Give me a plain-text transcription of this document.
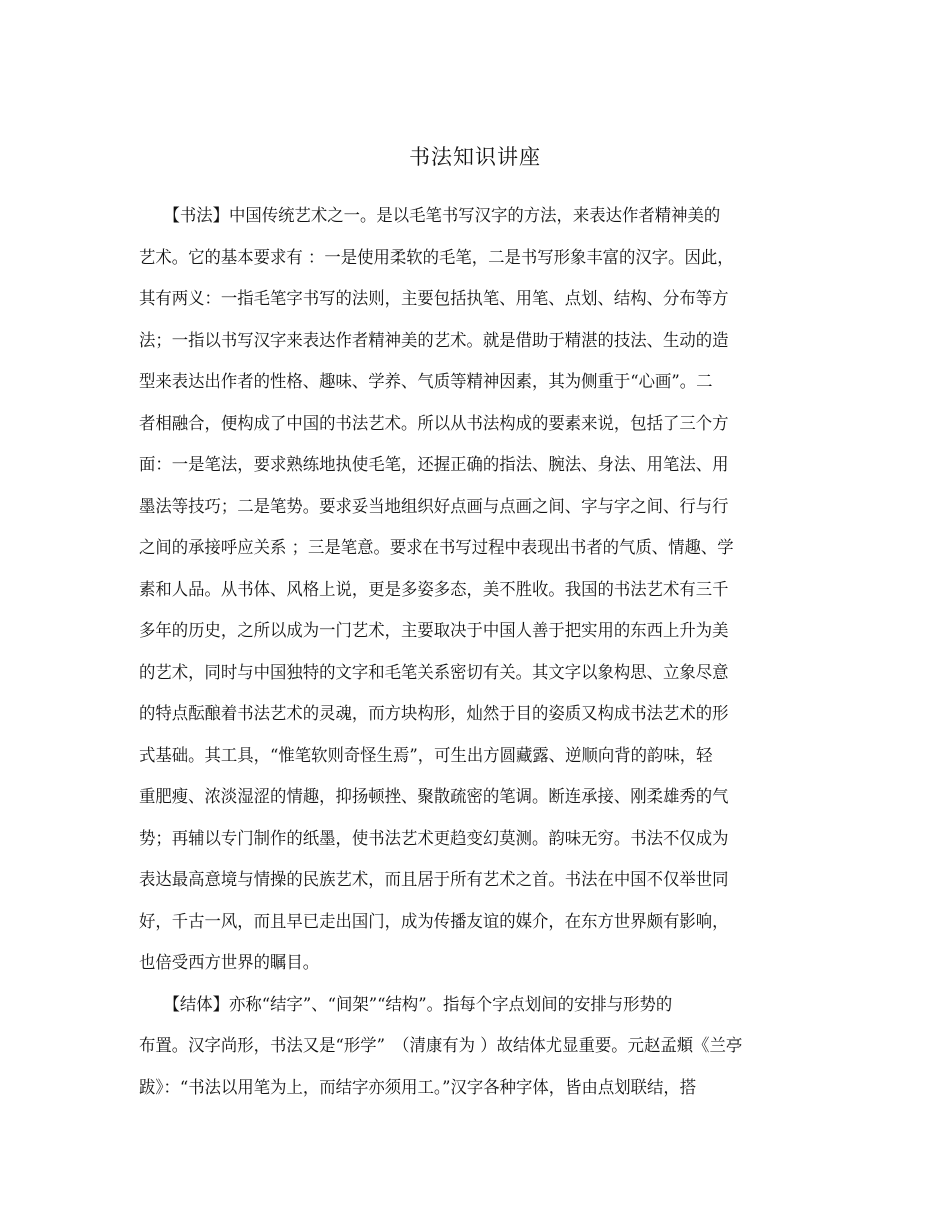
书法知识讲座
　　【书法】中国传统艺术之一。是以毛笔书写汉字的方法，来表达作者精神美的
艺术。它的基本要求有 ：一是使用柔软的毛笔，二是书写形象丰富的汉字。因此，
其有两义：一指毛笔字书写的法则，主要包括执笔、用笔、点划、结构、分布等方
法；一指以书写汉字来表达作者精神美的艺术。就是借助于精湛的技法、生动的造
型来表达出作者的性格、趣味、学养、气质等精神因素，其为侧重于“心画”。二
者相融合，便构成了中国的书法艺术。所以从书法构成的要素来说，包括了三个方
面：一是笔法，要求熟练地执使毛笔，还握正确的指法、腕法、身法、用笔法、用
墨法等技巧；二是笔势。要求妥当地组织好点画与点画之间、字与字之间、行与行
之间的承接呼应关系 ；三是笔意。要求在书写过程中表现出书者的气质、情趣、学
素和人品。从书体、风格上说，更是多姿多态，美不胜收。我国的书法艺术有三千
多年的历史，之所以成为一门艺术，主要取决于中国人善于把实用的东西上升为美
的艺术，同时与中国独特的文字和毛笔关系密切有关。其文字以象构思、立象尽意
的特点酝酿着书法艺术的灵魂，而方块构形，灿然于目的姿质又构成书法艺术的形
式基础。其工具，“惟笔软则奇怪生焉”，可生出方圆藏露、逆顺向背的韵味，轻
重肥瘦、浓淡湿涩的情趣，抑扬顿挫、聚散疏密的笔调。断连承接、刚柔雄秀的气
势；再辅以专门制作的纸墨，使书法艺术更趋变幻莫测。韵味无穷。书法不仅成为
表达最高意境与情操的民族艺术，而且居于所有艺术之首。书法在中国不仅举世同
好，千古一风，而且早已走出国门，成为传播友谊的媒介，在东方世界颇有影响，
也倍受西方世界的瞩目。
　　【结体】亦称“结字”、“间架”“结构”。指每个字点划间的安排与形势的
布置。汉字尚形，书法又是“形学”　（清康有为 ）故结体尤显重要。元赵孟頫《兰亭
跋》：“书法以用笔为上，而结字亦须用工。”汉字各种字体，皆由点划联结，搭
